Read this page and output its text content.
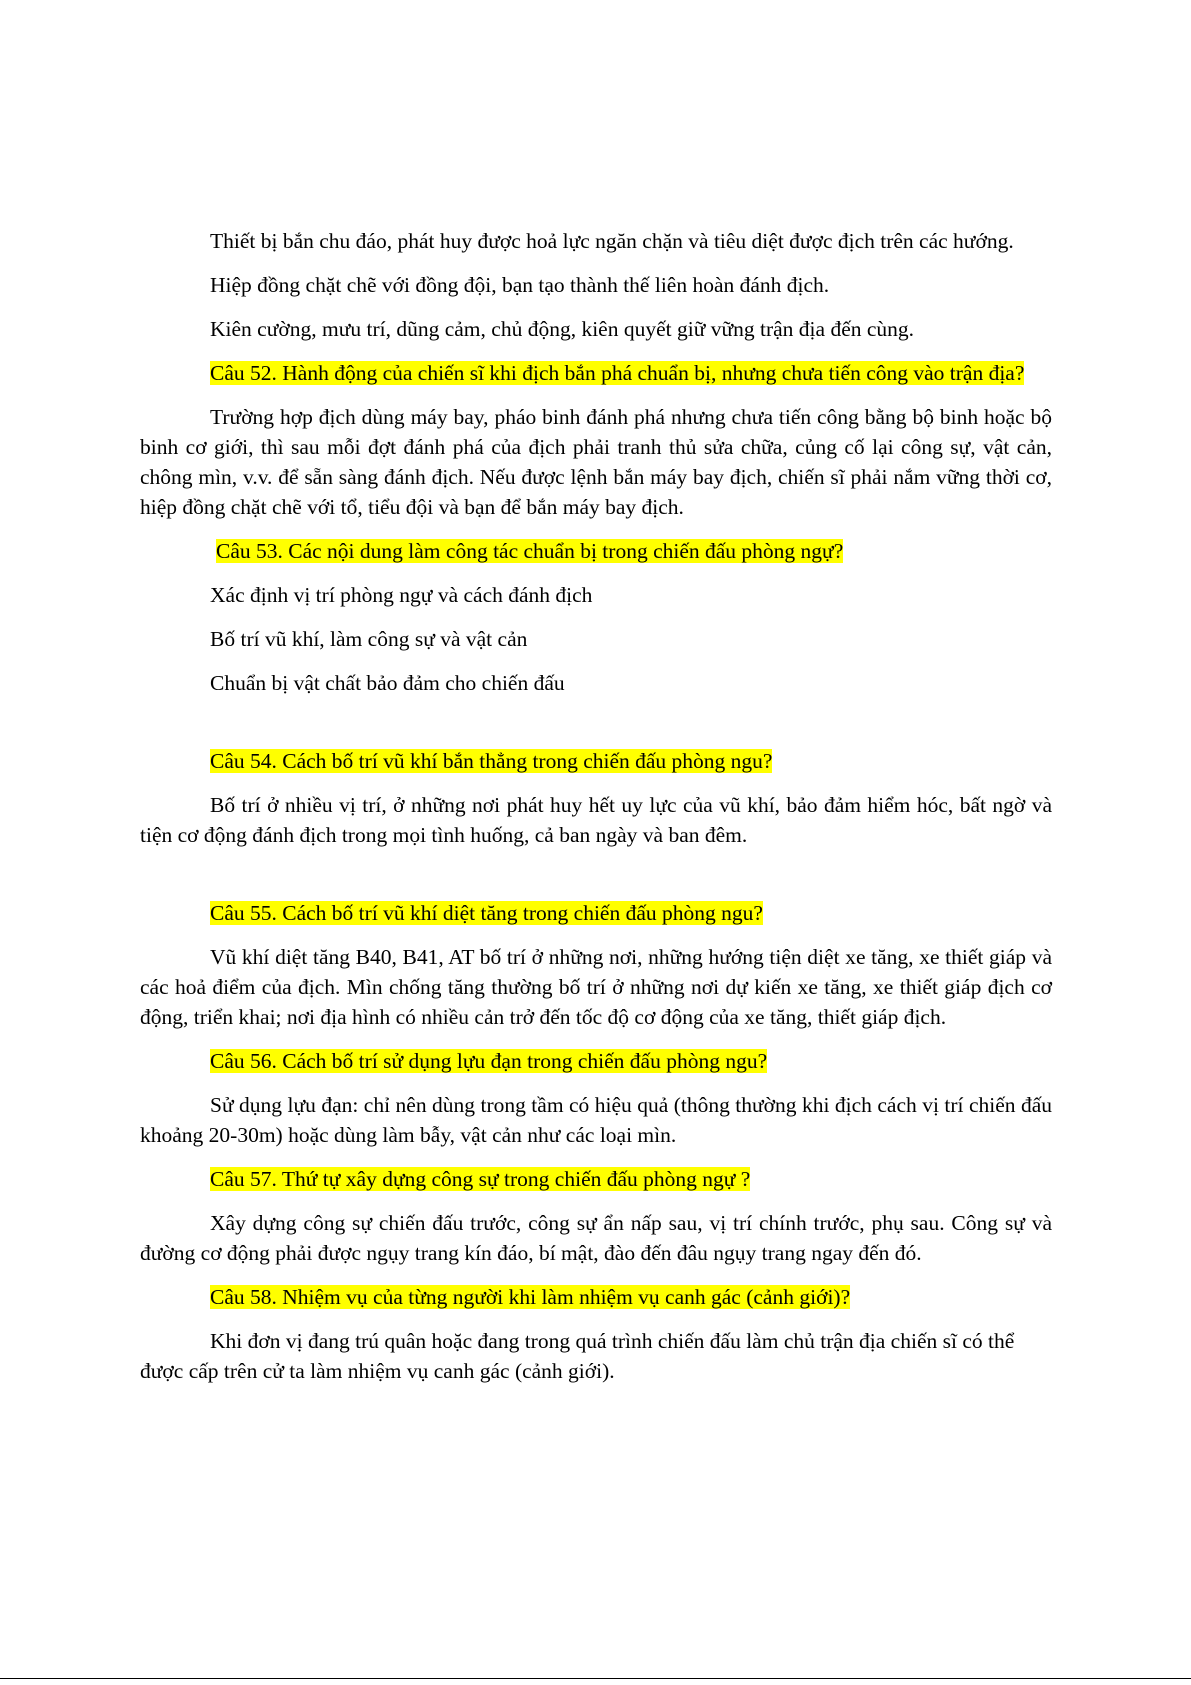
Thiết bị bắn chu đáo, phát huy được hoả lực ngăn chặn và tiêu diệt được địch trên các hướng.

Hiệp đồng chặt chẽ với đồng đội, bạn tạo thành thế liên hoàn đánh địch.

Kiên cường, mưu trí, dũng cảm, chủ động, kiên quyết giữ vững trận địa đến cùng.

Câu 52. Hành động của chiến sĩ khi địch bắn phá chuẩn bị, nhưng chưa tiến công vào trận địa?

Trường hợp địch dùng máy bay, pháo binh đánh phá nhưng chưa tiến công bằng bộ binh hoặc bộ binh cơ giới, thì sau mỗi đợt đánh phá của địch phải tranh thủ sửa chữa, củng cố lại công sự, vật cản, chông mìn, v.v. để sẵn sàng đánh địch. Nếu được lệnh bắn máy bay địch, chiến sĩ phải nắm vững thời cơ, hiệp đồng chặt chẽ với tổ, tiểu đội và bạn để bắn máy bay địch.

Câu 53. Các nội dung làm công tác chuẩn bị trong chiến đấu phòng ngự?

Xác định vị trí phòng ngự và cách đánh địch

Bố trí vũ khí, làm công sự và vật cản

Chuẩn bị vật chất bảo đảm cho chiến đấu

Câu 54. Cách bố trí vũ khí bắn thẳng trong chiến đấu phòng ngu?

Bố trí ở nhiều vị trí, ở những nơi phát huy hết uy lực của vũ khí, bảo đảm hiểm hóc, bất ngờ và tiện cơ động đánh địch trong mọi tình huống, cả ban ngày và ban đêm.

Câu 55. Cách bố trí vũ khí diệt tăng trong chiến đấu phòng ngu?

Vũ khí diệt tăng B40, B41, AT bố trí ở những nơi, những hướng tiện diệt xe tăng, xe thiết giáp và các hoả điểm của địch. Mìn chống tăng thường bố trí ở những nơi dự kiến xe tăng, xe thiết giáp địch cơ động, triển khai; nơi địa hình có nhiều cản trở đến tốc độ cơ động của xe tăng, thiết giáp địch.

Câu 56. Cách bố trí sử dụng lựu đạn trong chiến đấu phòng ngu?

Sử dụng lựu đạn: chỉ nên dùng trong tầm có hiệu quả (thông thường khi địch cách vị trí chiến đấu khoảng 20-30m) hoặc dùng làm bẫy, vật cản như các loại mìn.

Câu 57. Thứ tự xây dựng công sự trong chiến đấu phòng ngự ?

Xây dựng công sự chiến đấu trước, công sự ẩn nấp sau, vị trí chính trước, phụ sau. Công sự và đường cơ động phải được ngụy trang kín đáo, bí mật, đào đến đâu ngụy trang ngay đến đó.

Câu 58. Nhiệm vụ của từng người khi làm nhiệm vụ canh gác (cảnh giới)?

Khi đơn vị đang trú quân hoặc đang trong quá trình chiến đấu làm chủ trận địa chiến sĩ có thể được cấp trên cử ta làm nhiệm vụ canh gác (cảnh giới).
